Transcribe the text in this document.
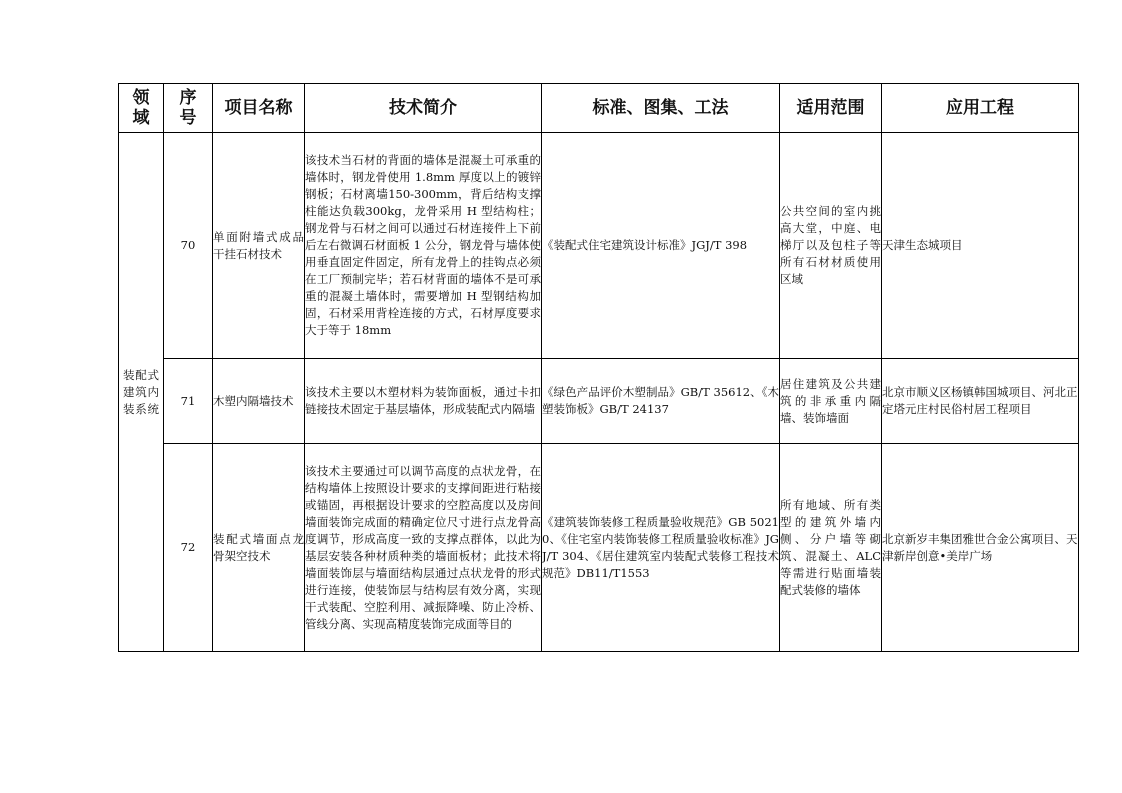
领域	序号	项目名称	技术简介	标准、图集、工法	适用范围	应用工程

装配式建筑内装系统	70	单面附墙式成品干挂石材技术	该技术当石材的背面的墙体是混凝土可承重的墙体时，钢龙骨使用 1.8mm 厚度以上的镀锌钢板；石材离墙150-300mm，背后结构支撑柱能达负载300kg，龙骨采用 H 型结构柱；钢龙骨与石材之间可以通过石材连接件上下前后左右微调石材面板 1 公分，钢龙骨与墙体使用垂直固定件固定，所有龙骨上的挂钩点必须在工厂预制完毕；若石材背面的墙体不是可承重的混凝土墙体时，需要增加 H 型钢结构加固，石材采用背栓连接的方式，石材厚度要求大于等于 18mm	《装配式住宅建筑设计标准》JGJ/T 398	公共空间的室内挑高大堂，中庭、电梯厅以及包柱子等所有石材材质使用区域	天津生态城项目
	71	木塑内隔墙技术	该技术主要以木塑材料为装饰面板，通过卡扣链接技术固定于基层墙体，形成装配式内隔墙	《绿色产品评价木塑制品》GB/T 35612、《木塑装饰板》GB/T 24137	居住建筑及公共建筑的非承重内隔墙、装饰墙面	北京市顺义区杨镇韩国城项目、河北正定塔元庄村民俗村居工程项目
	72	装配式墙面点龙骨架空技术	该技术主要通过可以调节高度的点状龙骨，在结构墙体上按照设计要求的支撑间距进行粘接或锚固，再根据设计要求的空腔高度以及房间墙面装饰完成面的精确定位尺寸进行点龙骨高度调节，形成高度一致的支撑点群体，以此为基层安装各种材质种类的墙面板材；此技术将墙面装饰层与墙面结构层通过点状龙骨的形式进行连接，使装饰层与结构层有效分离，实现干式装配、空腔利用、减振降噪、防止冷桥、管线分离、实现高精度装饰完成面等目的	《建筑装饰装修工程质量验收规范》GB 50210、《住宅室内装饰装修工程质量验收标准》JGJ/T 304、《居住建筑室内装配式装修工程技术规范》DB11/T1553	所有地域、所有类型的建筑外墙内侧、分户墙等砌筑、混凝土、ALC 等需进行贴面墙装配式装修的墙体	北京新岁丰集团雅世合金公寓项目、天津新岸创意•美岸广场
